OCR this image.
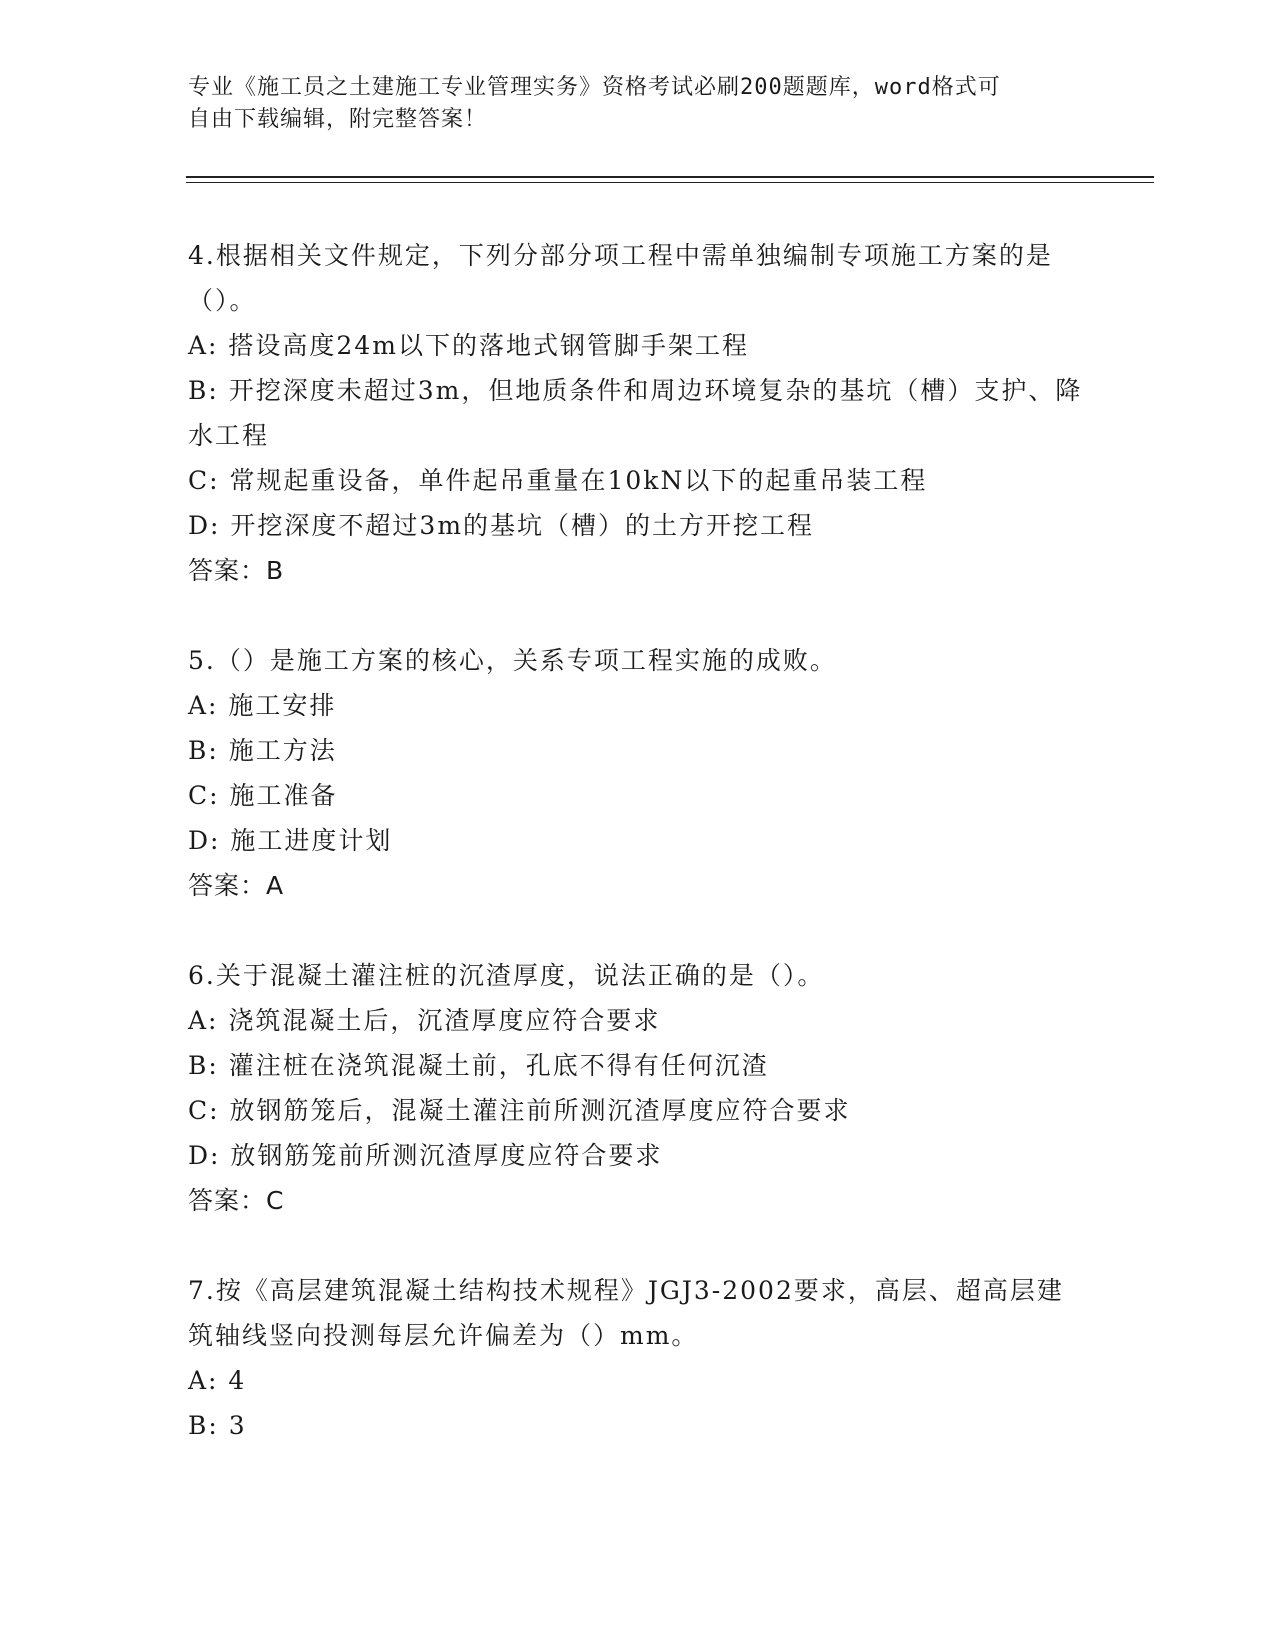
专业《施工员之土建施工专业管理实务》资格考试必刷200题题库，word格式可
自由下载编辑，附完整答案！

4.根据相关文件规定，下列分部分项工程中需单独编制专项施工方案的是（）。

A: 搭设高度24m以下的落地式钢管脚手架工程

B: 开挖深度未超过3m，但地质条件和周边环境复杂的基坑（槽）支护、降水工程

C: 常规起重设备，单件起吊重量在10kN以下的起重吊装工程

D: 开挖深度不超过3m的基坑（槽）的土方开挖工程

答案：B

5.（）是施工方案的核心，关系专项工程实施的成败。

A: 施工安排

B: 施工方法

C: 施工准备

D: 施工进度计划

答案：A

6.关于混凝土灌注桩的沉渣厚度，说法正确的是（）。

A: 浇筑混凝土后，沉渣厚度应符合要求

B: 灌注桩在浇筑混凝土前，孔底不得有任何沉渣

C: 放钢筋笼后，混凝土灌注前所测沉渣厚度应符合要求

D: 放钢筋笼前所测沉渣厚度应符合要求

答案：C

7.按《高层建筑混凝土结构技术规程》JGJ3-2002要求，高层、超高层建筑轴线竖向投测每层允许偏差为（）mm。

A: 4

B: 3
